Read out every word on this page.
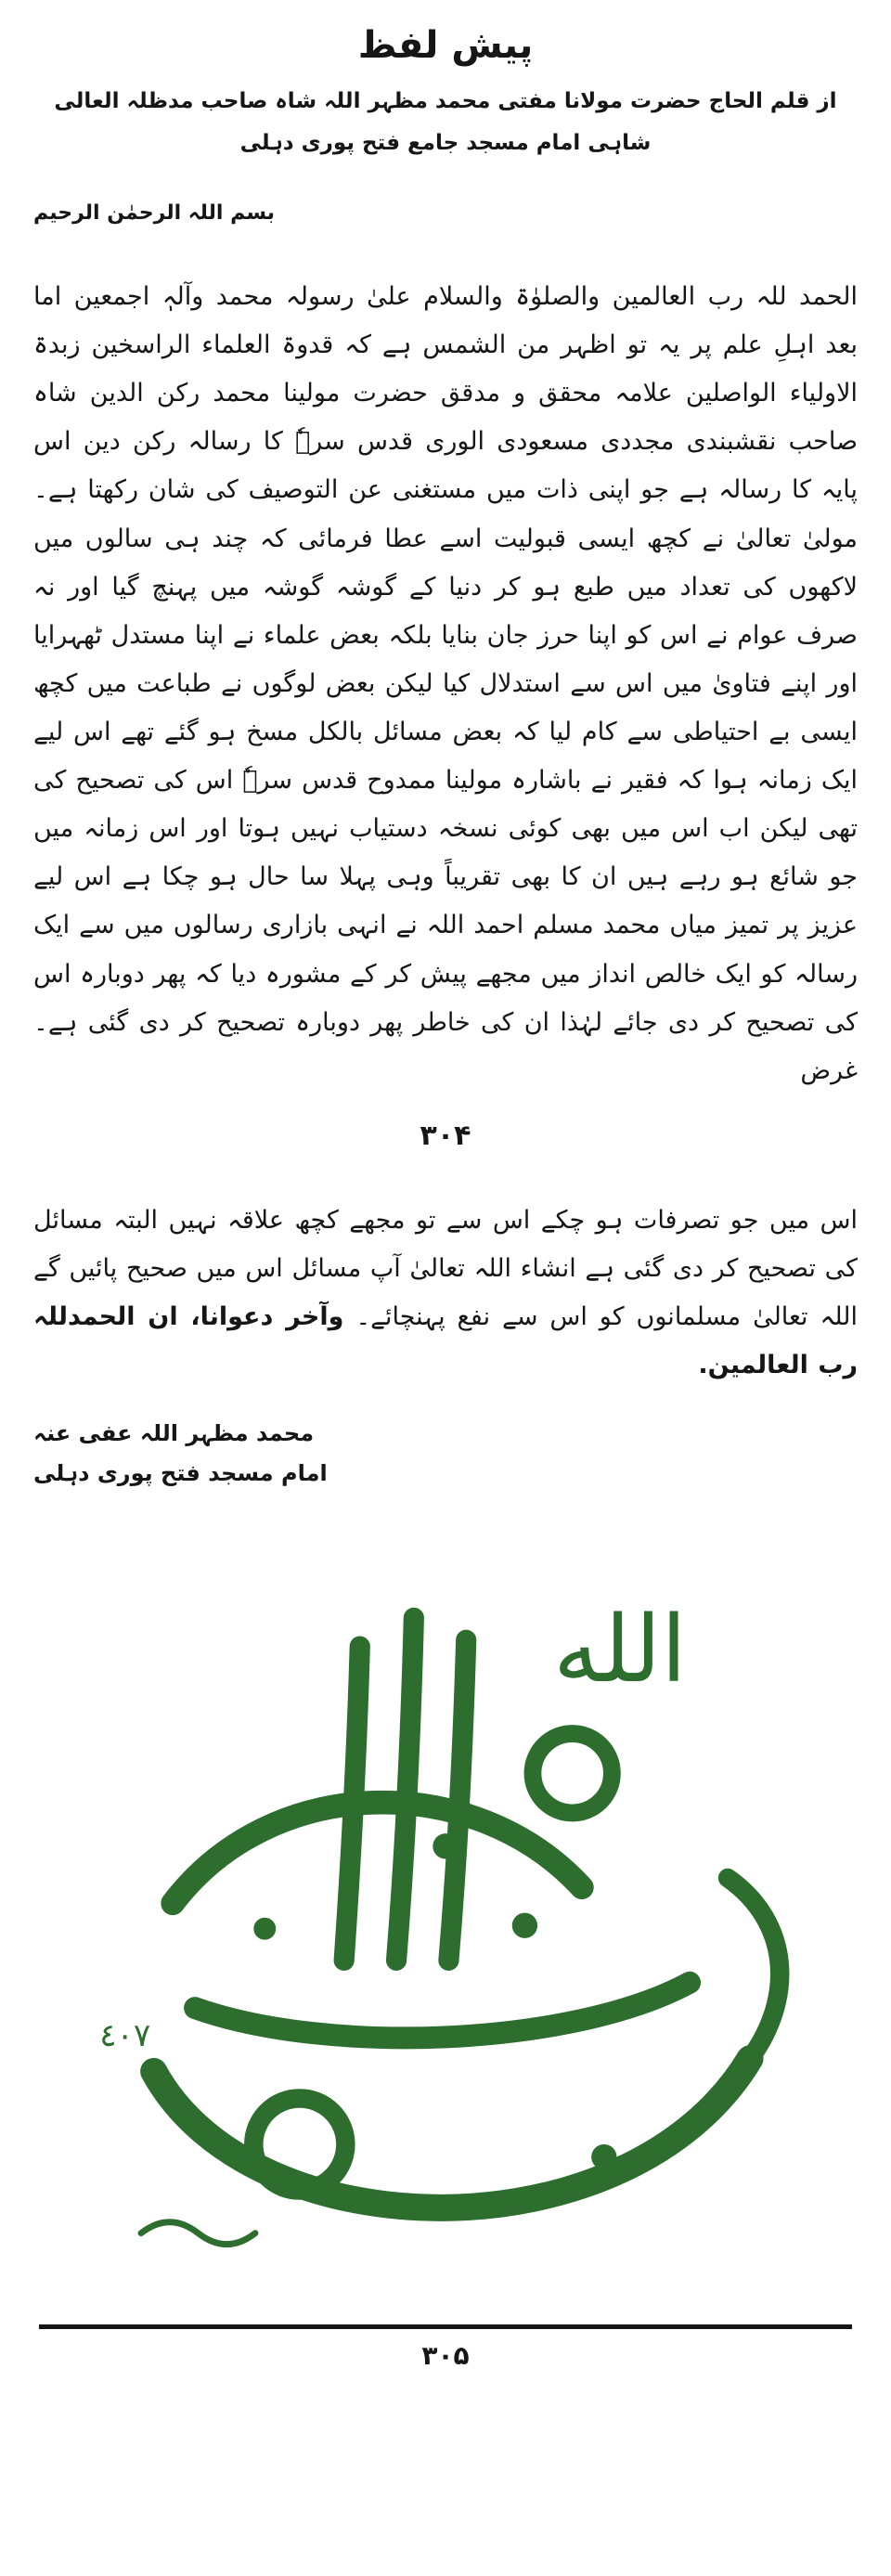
پیش لفظ
از قلم الحاج حضرت مولانا مفتی محمد مظہر اللہ شاہ صاحب مدظلہ العالی
شاہی امام مسجد جامع فتح پوری دہلی
بسم اللہ الرحمٰن الرحیم

الحمد للہ رب العالمین والصلوٰۃ والسلام علیٰ رسولہ محمد وآلہٖ اجمعین اما بعد اہلِ علم پر یہ تو اظہر من الشمس ہے کہ قدوۃ العلماء الراسخین زبدۃ الاولیاء الواصلین علامہ محقق و مدقق حضرت مولینا محمد رکن الدین شاہ صاحب نقشبندی مجددی مسعودی الوری قدس سرہٗ کا رسالہ رکن دین اس پایہ کا رسالہ ہے جو اپنی ذات میں مستغنی عن التوصیف کی شان رکھتا ہے۔ مولیٰ تعالیٰ نے کچھ ایسی قبولیت اسے عطا فرمائی کہ چند ہی سالوں میں لاکھوں کی تعداد میں طبع ہو کر دنیا کے گوشہ گوشہ میں پہنچ گیا اور نہ صرف عوام نے اس کو اپنا حرز جان بنایا بلکہ بعض علماء نے اپنا مستدل ٹھہرایا اور اپنے فتاویٰ میں اس سے استدلال کیا لیکن بعض لوگوں نے طباعت میں کچھ ایسی بے احتیاطی سے کام لیا کہ بعض مسائل بالکل مسخ ہو گئے تھے اس لیے ایک زمانہ ہوا کہ فقیر نے باشارہ مولینا ممدوح قدس سرہٗ اس کی تصحیح کی تھی لیکن اب اس میں بھی کوئی نسخہ دستیاب نہیں ہوتا اور اس زمانہ میں جو شائع ہو رہے ہیں ان کا بھی تقریباً وہی پہلا سا حال ہو چکا ہے اس لیے عزیز پر تمیز میاں محمد مسلم احمد اللہ نے انہی بازاری رسالوں میں سے ایک رسالہ کو ایک خالص انداز میں مجھے پیش کر کے مشورہ دیا کہ پھر دوبارہ اس کی تصحیح کر دی جائے لہٰذا ان کی خاطر پھر دوبارہ تصحیح کر دی گئی ہے۔ غرض

۳۰۴

اس میں جو تصرفات ہو چکے اس سے تو مجھے کچھ علاقہ نہیں البتہ مسائل کی تصحیح کر دی گئی ہے انشاء اللہ تعالیٰ آپ مسائل اس میں صحیح پائیں گے اللہ تعالیٰ مسلمانوں کو اس سے نفع پہنچائے۔ وآخر دعوانا، ان الحمدللہ رب العالمین.

محمد مظہر اللہ عفی عنہ
امام مسجد فتح پوری دہلی
الله
٤٠٧
۳۰۵
